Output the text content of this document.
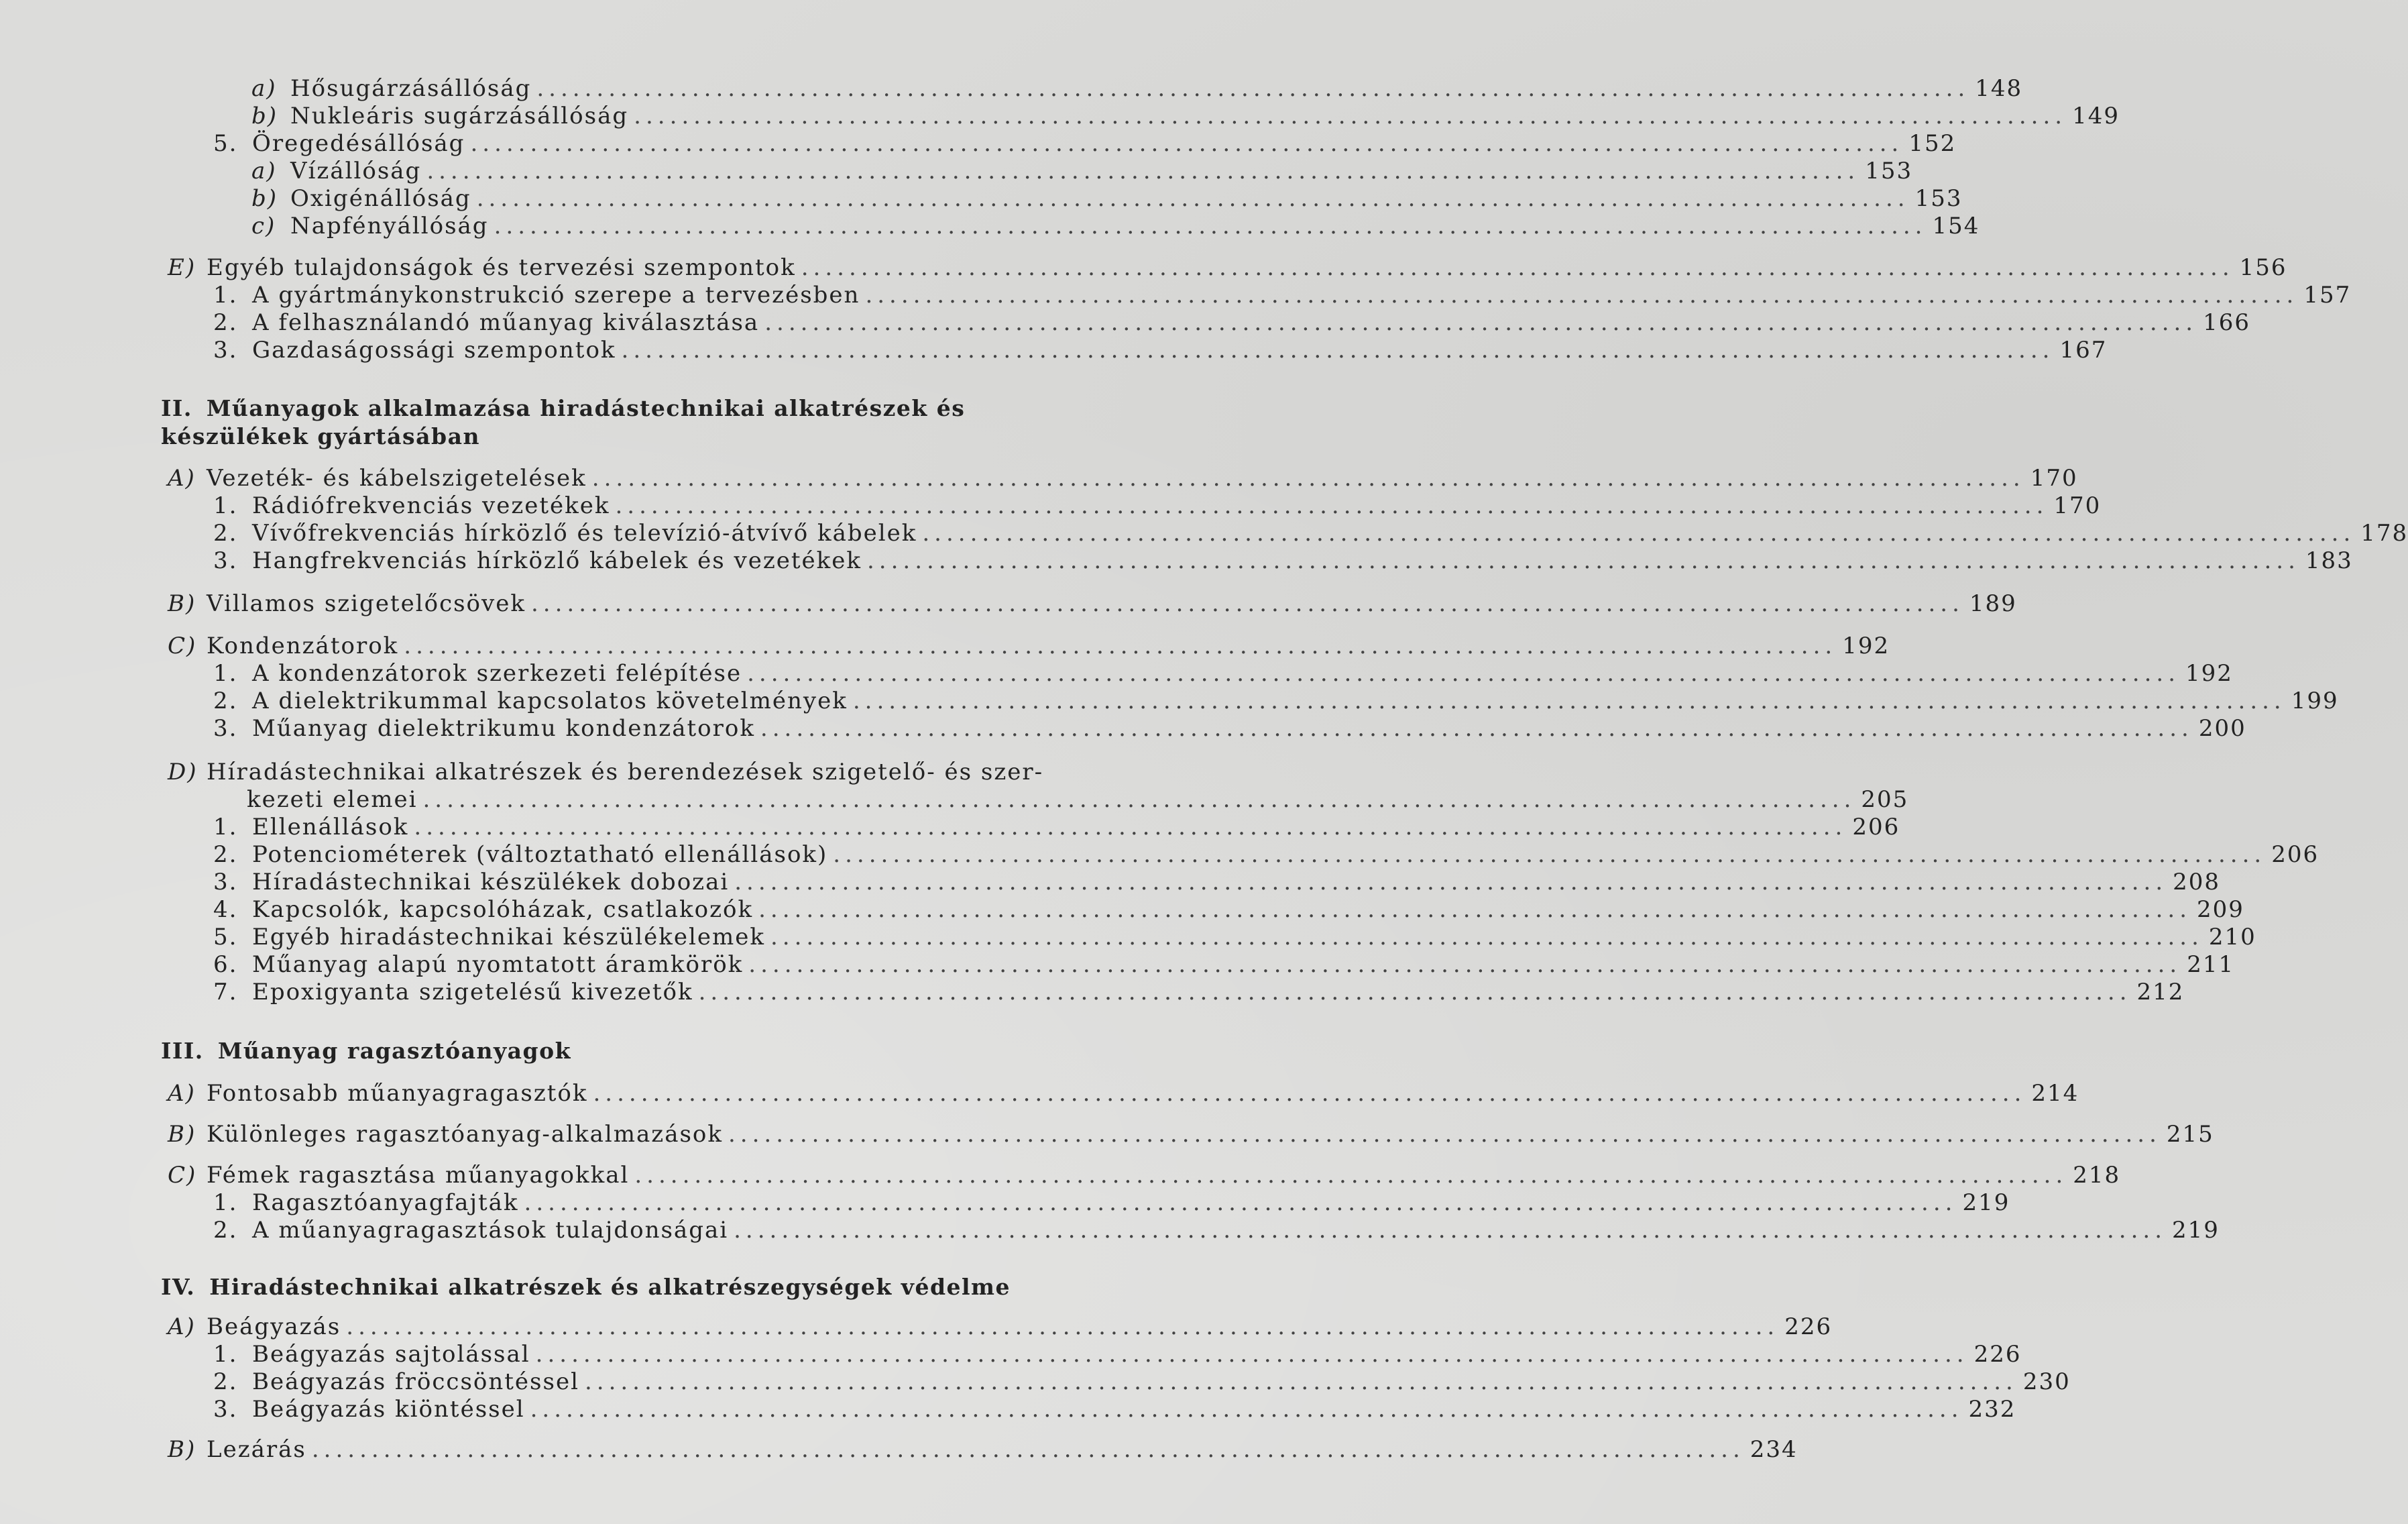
a) Hősugárzásállóság ........................................................................................................................ 148
b) Nukleáris sugárzásállóság ........................................................................................................................ 149
5. Öregedésállóság ........................................................................................................................ 152
a) Vízállóság ........................................................................................................................ 153
b) Oxigénállóság ........................................................................................................................ 153
c) Napfényállóság ........................................................................................................................ 154
E) Egyéb tulajdonságok és tervezési szempontok ........................................................................................................................ 156
1. A gyártmánykonstrukció szerepe a tervezésben ........................................................................................................................ 157
2. A felhasználandó műanyag kiválasztása ........................................................................................................................ 166
3. Gazdaságossági szempontok ........................................................................................................................ 167
A) Vezeték- és kábelszigetelések ........................................................................................................................ 170
1. Rádiófrekvenciás vezetékek ........................................................................................................................ 170
2. Vívőfrekvenciás hírközlő és televízió-átvívő kábelek ........................................................................................................................ 178
3. Hangfrekvenciás hírközlő kábelek és vezetékek ........................................................................................................................ 183
B) Villamos szigetelőcsövek ........................................................................................................................ 189
C) Kondenzátorok ........................................................................................................................ 192
1. A kondenzátorok szerkezeti felépítése ........................................................................................................................ 192
2. A dielektrikummal kapcsolatos követelmények ........................................................................................................................ 199
3. Műanyag dielektrikumu kondenzátorok ........................................................................................................................ 200
D) Híradástechnikai alkatrészek és berendezések szigetelő- és szer-
kezeti elemei ........................................................................................................................ 205
1. Ellenállások ........................................................................................................................ 206
2. Potenciométerek (változtatható ellenállások) ........................................................................................................................ 206
3. Híradástechnikai készülékek dobozai ........................................................................................................................ 208
4. Kapcsolók, kapcsolóházak, csatlakozók ........................................................................................................................ 209
5. Egyéb hiradástechnikai készülékelemek ........................................................................................................................ 210
6. Műanyag alapú nyomtatott áramkörök ........................................................................................................................ 211
7. Epoxigyanta szigetelésű kivezetők ........................................................................................................................ 212
A) Fontosabb műanyagragasztók ........................................................................................................................ 214
B) Különleges ragasztóanyag-alkalmazások ........................................................................................................................ 215
C) Fémek ragasztása műanyagokkal ........................................................................................................................ 218
1. Ragasztóanyagfajták ........................................................................................................................ 219
2. A műanyagragasztások tulajdonságai ........................................................................................................................ 219
A) Beágyazás ........................................................................................................................ 226
1. Beágyazás sajtolással ........................................................................................................................ 226
2. Beágyazás fröccsöntéssel ........................................................................................................................ 230
3. Beágyazás kiöntéssel ........................................................................................................................ 232
B) Lezárás ........................................................................................................................ 234
II. Műanyagok alkalmazása hiradástechnikai alkatrészek és készülékek gyártásában
III. Műanyag ragasztóanyagok
IV. Hiradástechnikai alkatrészek és alkatrészegységek védelme
